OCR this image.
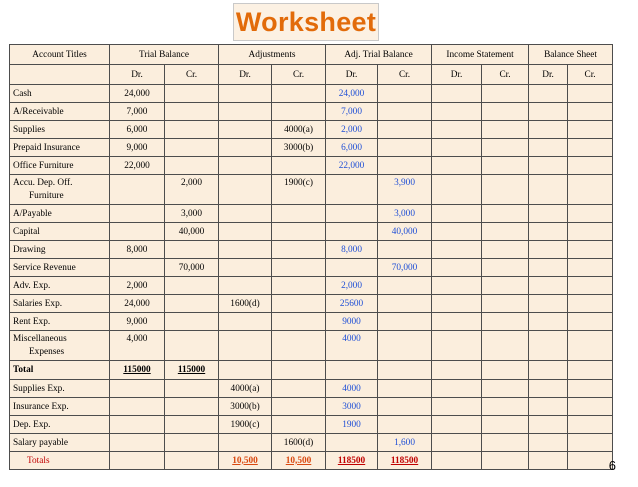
Worksheet
Account Titles	Trial Balance		Adjustments		Adj. Trial Balance		Income Statement		Balance Sheet	
	Dr.	Cr.	Dr.	Cr.	Dr.	Cr.	Dr.	Cr.	Dr.	Cr.
Cash	24,000				24,000					
A/Receivable	7,000				7,000					
Supplies	6,000			4000(a)	2,000					
Prepaid Insurance	9,000			3000(b)	6,000					
Office Furniture	22,000				22,000					
Accu. Dep. Off.
Furniture		2,000		1900(c)		3,900				
A/Payable		3,000				3,000				
Capital		40,000				40,000				
Drawing	8,000				8,000					
Service Revenue		70,000				70,000				
Adv. Exp.	2,000				2,000					
Salaries Exp.	24,000		1600(d)		25600					
Rent Exp.	9,000				9000					
Miscellaneous
Expenses	4,000				4000					
Total	115000	115000								
Supplies Exp.			4000(a)		4000					
Insurance Exp.			3000(b)		3000					
Dep. Exp.			1900(c)		1900					
Salary payable				1600(d)		1,600				
Totals			10,500	10,500	118500	118500					6
